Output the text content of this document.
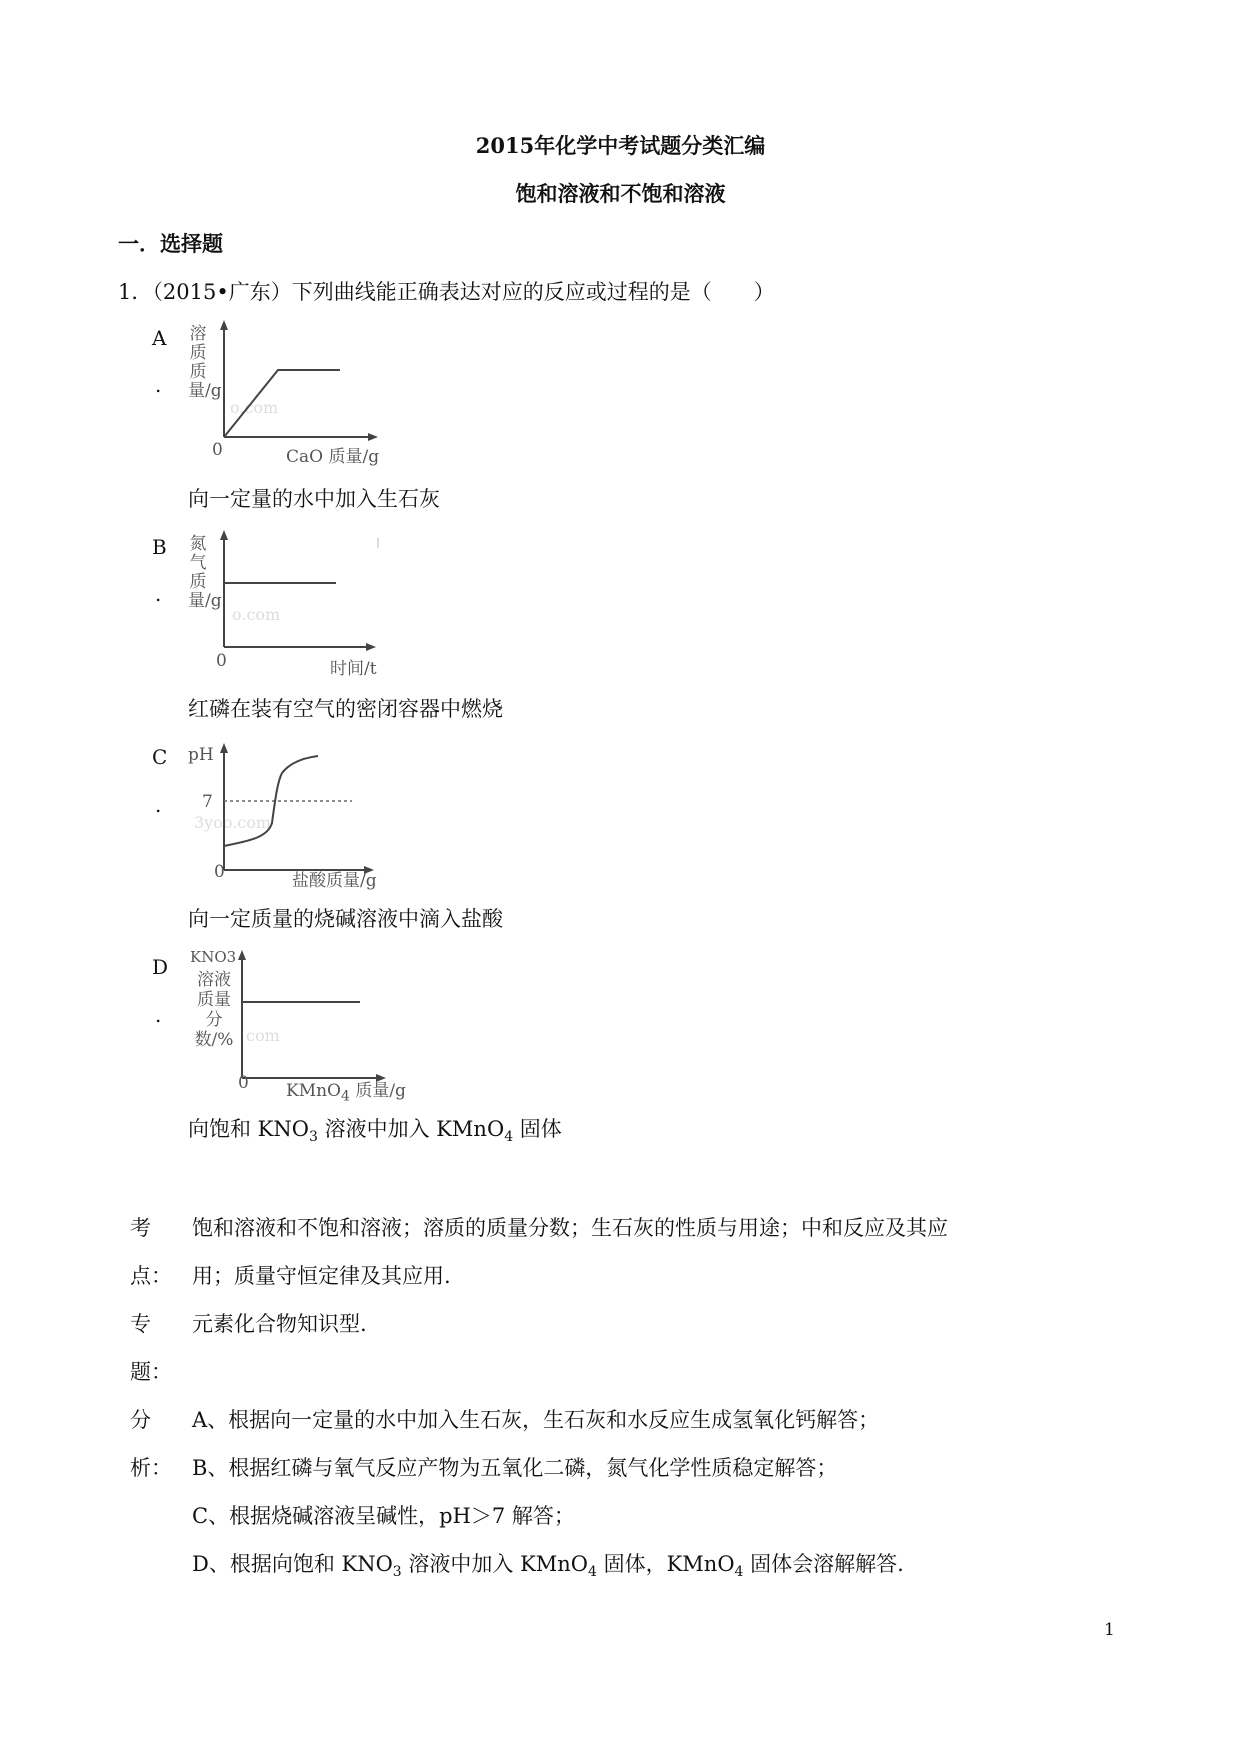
2015年化学中考试题分类汇编
饱和溶液和不饱和溶液
一．选择题
1．（2015•广东）下列曲线能正确表达对应的反应或过程的是（　　）
A
.
溶质质量/g
o.com
0	CaO 质量/g
向一定量的水中加入生石灰
B
.
氮气质量/g
o.com
0	时间/t
红磷在装有空气的密闭容器中燃烧
C
.
pH
7
3yoo.com
0	盐酸质量/g
向一定质量的烧碱溶液中滴入盐酸
D
.
KNO3
溶液质量分数/% com
0 KMnO$_4$ 质量/g
向饱和 $KNO_3$ 溶液中加入 KMnO$_4$ 固体
考
点：
饱和溶液和不饱和溶液；溶质的质量分数；生石灰的性质与用途；中和反应及其应
用；质量守恒定律及其应用.
专
题：
元素化合物知识型.
分
析：
A、根据向一定量的水中加入生石灰，生石灰和水反应生成氢氧化钙解答；
B、根据红磷与氧气反应产物为五氧化二磷，氮气化学性质稳定解答；
C、根据烧碱溶液呈碱性，pH＞7 解答；
D、根据向饱和 $KNO_3$ 溶液中加入 KMnO$_4$ 固体，KMnO$_4$ 固体会溶解解答.
1
